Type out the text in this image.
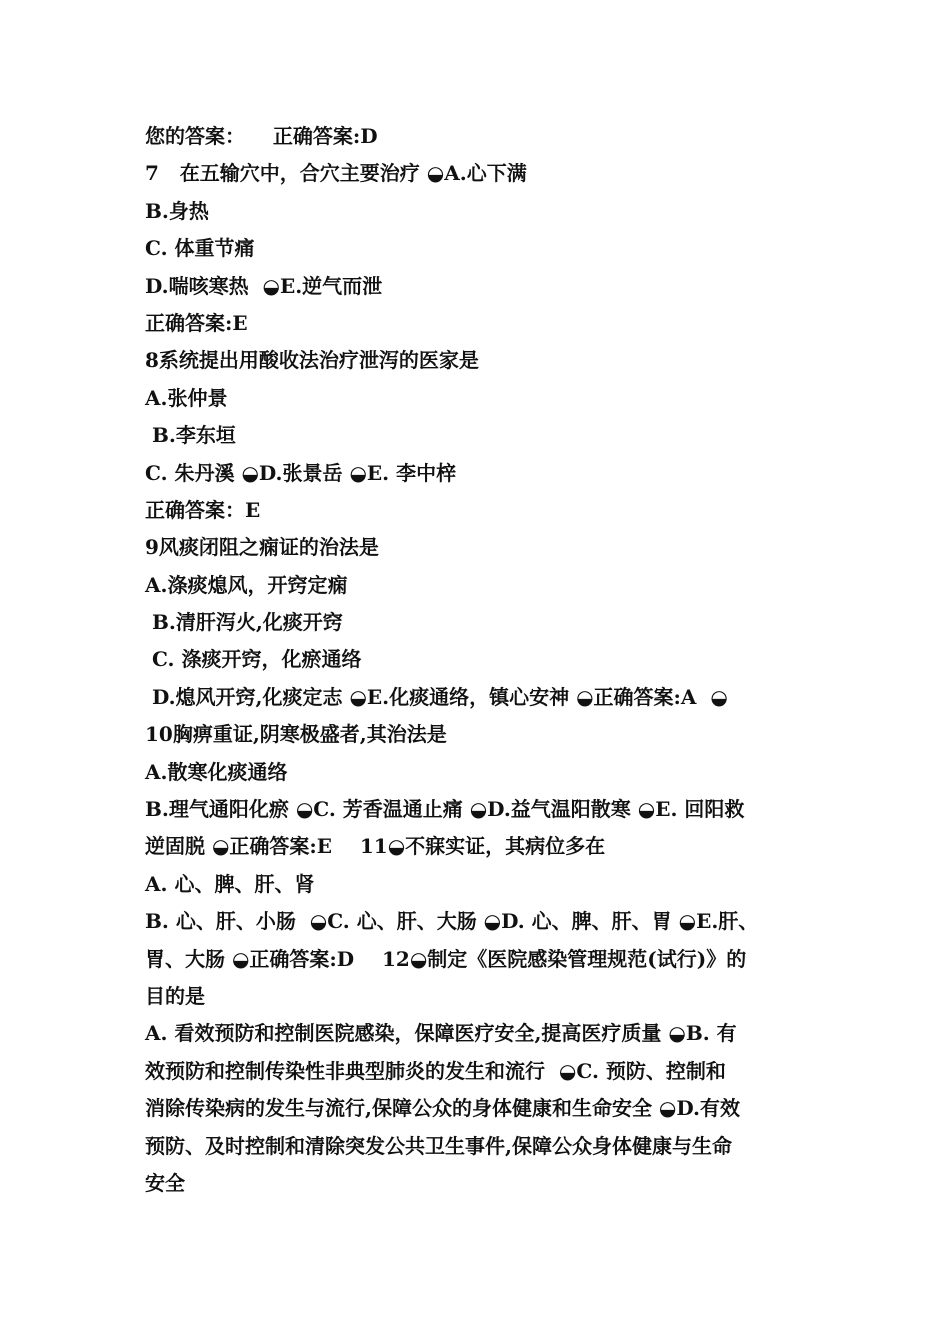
您的答案：    正确答案:D
7   在五输穴中，合穴主要治疗 ◒A.心下满
B.身热
C. 体重节痛
D.喘咳寒热  ◒E.逆气而泄
正确答案:E
8系统提出用酸收法治疗泄泻的医家是
A.张仲景
B.李东垣
C. 朱丹溪 ◒D.张景岳 ◒E. 李中梓
正确答案：E
9风痰闭阻之痫证的治法是
A.涤痰熄风，开窍定痫
B.清肝泻火,化痰开窍
C. 涤痰开窍，化瘀通络
D.熄风开窍,化痰定志 ◒E.化痰通络，镇心安神 ◒正确答案:A  ◒
10胸痹重证,阴寒极盛者,其治法是
A.散寒化痰通络
B.理气通阳化瘀 ◒C. 芳香温通止痛 ◒D.益气温阳散寒 ◒E. 回阳救
逆固脱 ◒正确答案:E    11◒不寐实证，其病位多在
A. 心、脾、肝、肾
B. 心、肝、小肠  ◒C. 心、肝、大肠 ◒D. 心、脾、肝、胃 ◒E.肝、
胃、大肠 ◒正确答案:D    12◒制定《医院感染管理规范(试行)》的
目的是
A. 看效预防和控制医院感染，保障医疗安全,提高医疗质量 ◒B. 有
效预防和控制传染性非典型肺炎的发生和流行  ◒C. 预防、控制和
消除传染病的发生与流行,保障公众的身体健康和生命安全 ◒D.有效
预防、及时控制和清除突发公共卫生事件,保障公众身体健康与生命
安全
